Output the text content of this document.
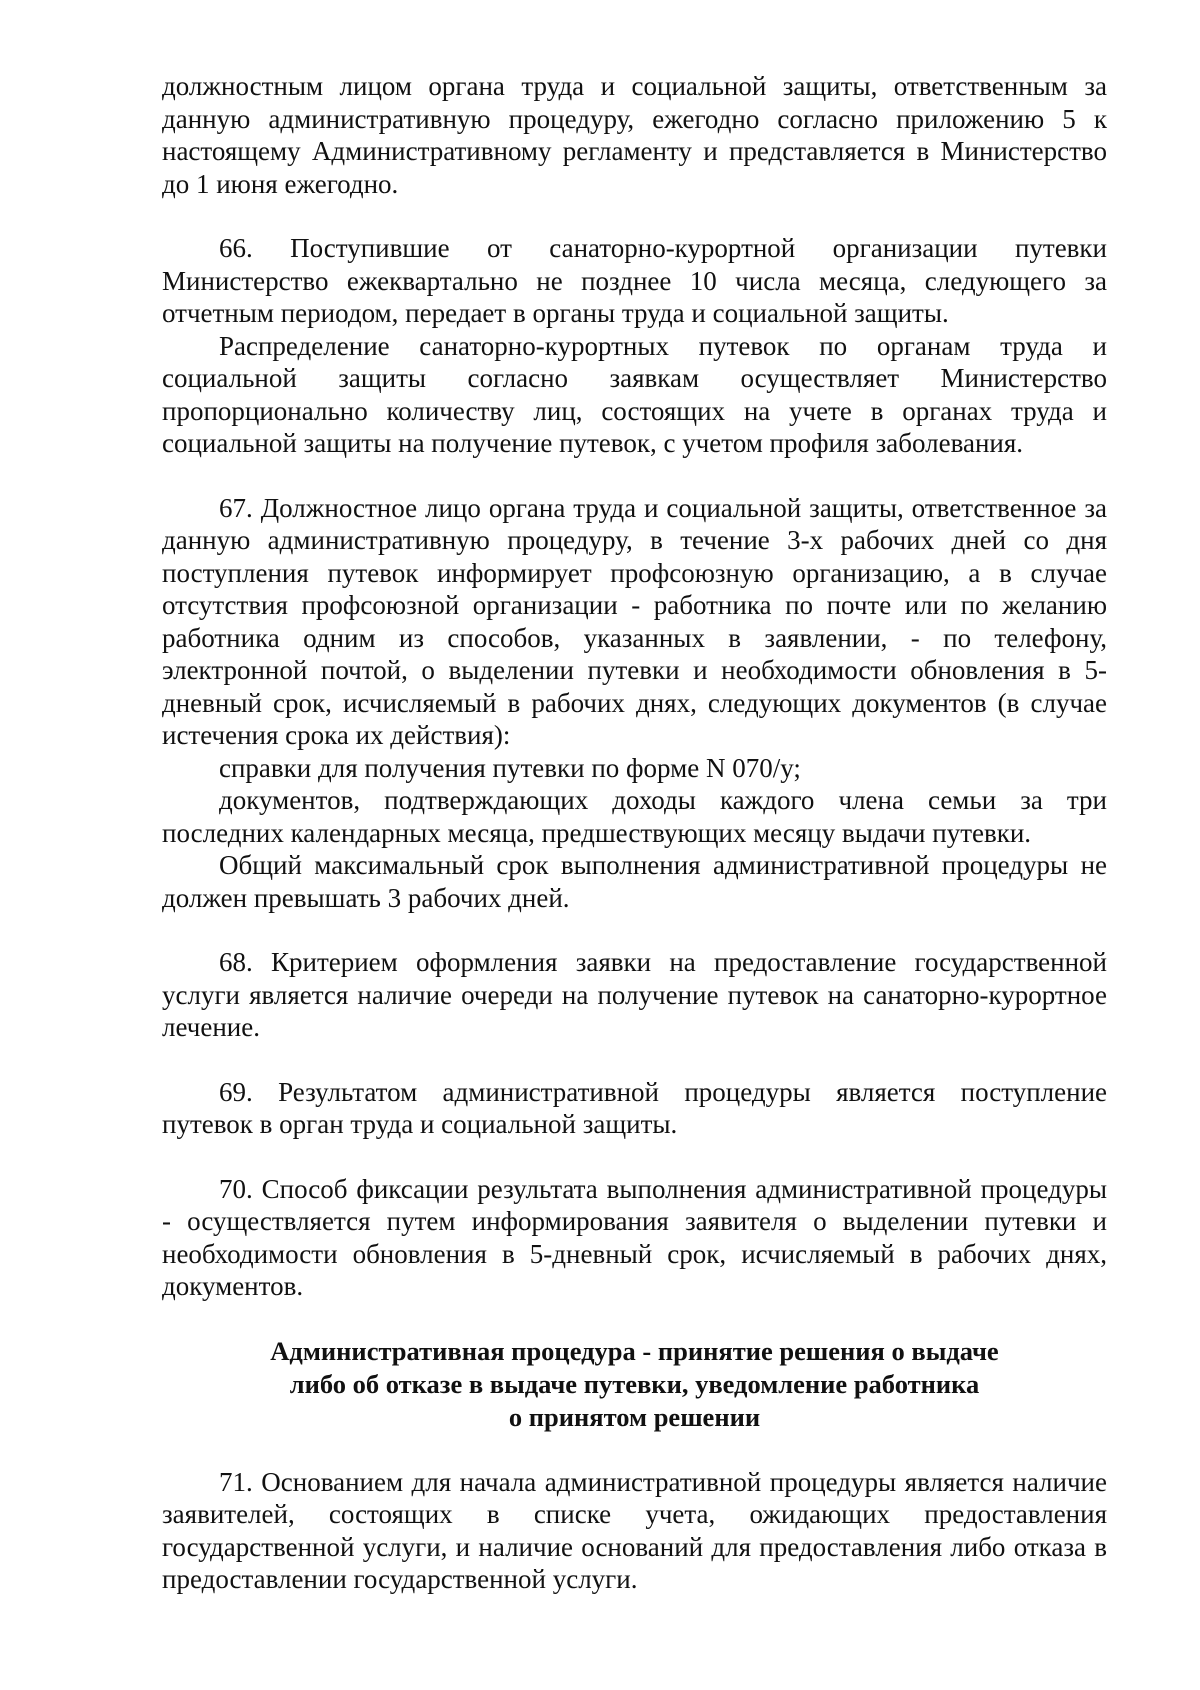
должностным лицом органа труда и социальной защиты, ответственным за данную административную процедуру, ежегодно согласно приложению 5 к настоящему Административному регламенту и представляется в Министерство до 1 июня ежегодно.

66. Поступившие от санаторно-курортной организации путевки Министерство ежеквартально не позднее 10 числа месяца, следующего за отчетным периодом, передает в органы труда и социальной защиты.

Распределение санаторно-курортных путевок по органам труда и социальной защиты согласно заявкам осуществляет Министерство пропорционально количеству лиц, состоящих на учете в органах труда и социальной защиты на получение путевок, с учетом профиля заболевания.

67. Должностное лицо органа труда и социальной защиты, ответственное за данную административную процедуру, в течение 3-х рабочих дней со дня поступления путевок информирует профсоюзную организацию, а в случае отсутствия профсоюзной организации - работника по почте или по желанию работника одним из способов, указанных в заявлении, - по телефону, электронной почтой, о выделении путевки и необходимости обновления в 5-дневный срок, исчисляемый в рабочих днях, следующих документов (в случае истечения срока их действия):

справки для получения путевки по форме N 070/у;

документов, подтверждающих доходы каждого члена семьи за три последних календарных месяца, предшествующих месяцу выдачи путевки.

Общий максимальный срок выполнения административной процедуры не должен превышать 3 рабочих дней.

68. Критерием оформления заявки на предоставление государственной услуги является наличие очереди на получение путевок на санаторно-курортное лечение.

69. Результатом административной процедуры является поступление путевок в орган труда и социальной защиты.

70. Способ фиксации результата выполнения административной процедуры - осуществляется путем информирования заявителя о выделении путевки и необходимости обновления в 5-дневный срок, исчисляемый в рабочих днях, документов.

Административная процедура - принятие решения о выдаче
либо об отказе в выдаче путевки, уведомление работника
о принятом решении

71. Основанием для начала административной процедуры является наличие заявителей, состоящих в списке учета, ожидающих предоставления государственной услуги, и наличие оснований для предоставления либо отказа в предоставлении государственной услуги.
